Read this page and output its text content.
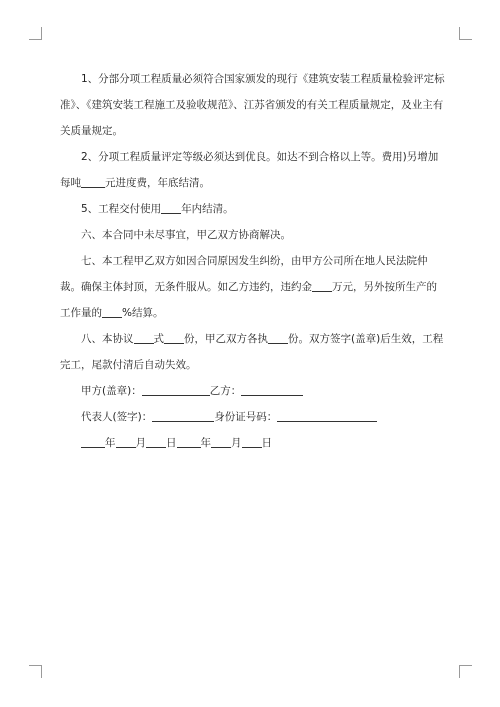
1、分部分项工程质量必须符合国家颁发的现行《建筑安装工程质量检验评定标准》、《建筑安装工程施工及验收规范》、江苏省颁发的有关工程质量规定，及业主有关质量规定。

2、分项工程质量评定等级必须达到优良。如达不到合格以上等。费用)另增加每吨 元进度费，年底结清。

5、工程交付使用 年内结清。

六、本合同中未尽事宜，甲乙双方协商解决。

七、本工程甲乙双方如因合同原因发生纠纷，由甲方公司所在地人民法院仲裁。确保主体封顶，无条件服从。如乙方违约，违约金 万元，另外按所生产的工作量的 %结算。

八、本协议 式 份，甲乙双方各执 份。双方签字(盖章)后生效，工程完工，尾款付清后自动失效。

甲方(盖章)：	乙方：

代表人(签字)：	身份证号码：

年 月 日 年 月 日
